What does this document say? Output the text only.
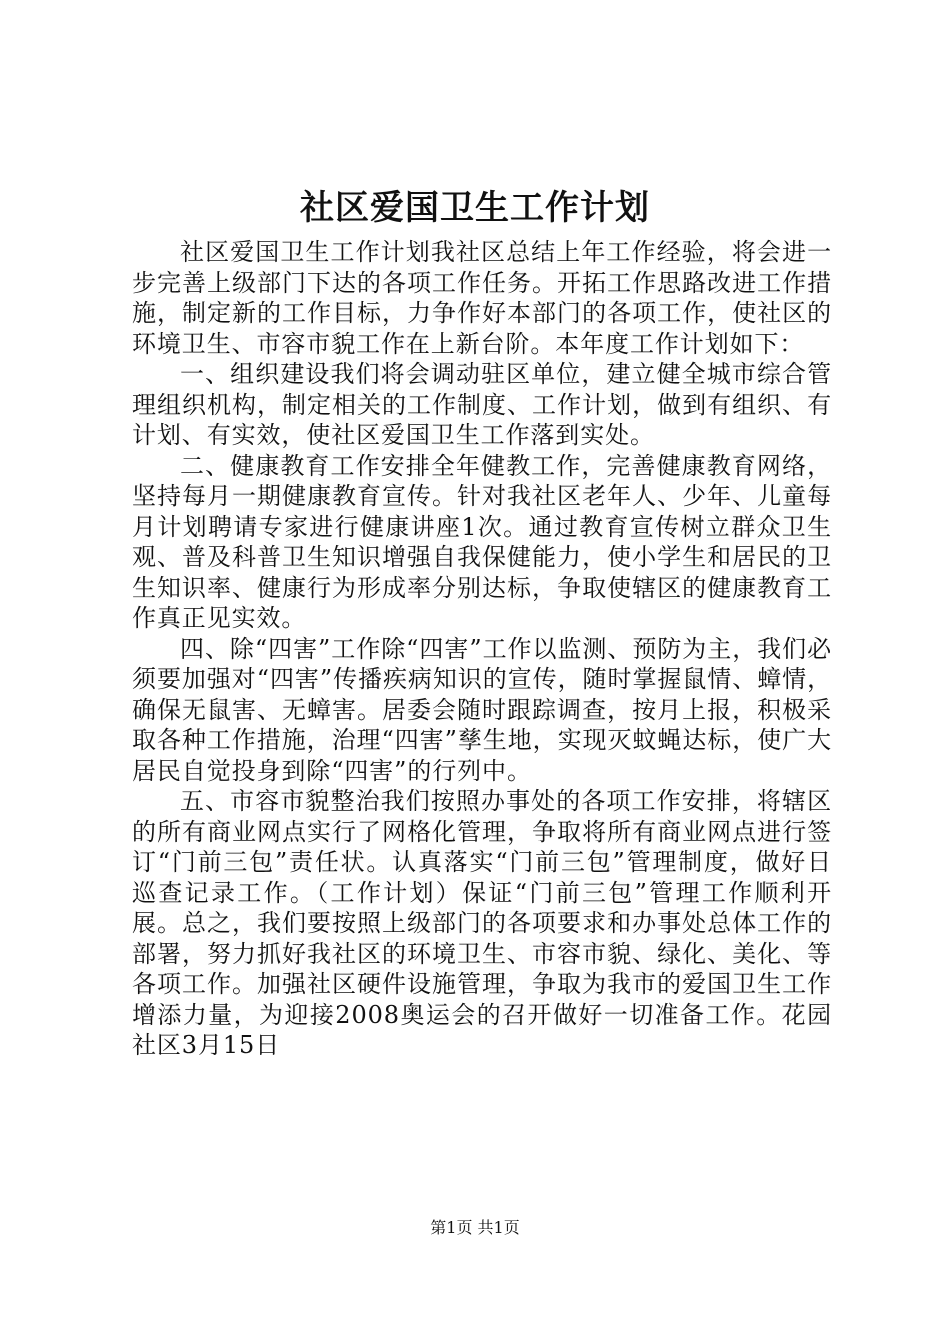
社区爱国卫生工作计划

社区爱国卫生工作计划我社区总结上年工作经验，将会进一步完善上级部门下达的各项工作任务。开拓工作思路改进工作措施，制定新的工作目标，力争作好本部门的各项工作，使社区的环境卫生、市容市貌工作在上新台阶。本年度工作计划如下：

一、组织建设我们将会调动驻区单位，建立健全城市综合管理组织机构，制定相关的工作制度、工作计划，做到有组织、有计划、有实效，使社区爱国卫生工作落到实处。

二、健康教育工作安排全年健教工作，完善健康教育网络，坚持每月一期健康教育宣传。针对我社区老年人、少年、儿童每月计划聘请专家进行健康讲座1次。通过教育宣传树立群众卫生观、普及科普卫生知识增强自我保健能力，使小学生和居民的卫生知识率、健康行为形成率分别达标，争取使辖区的健康教育工作真正见实效。

四、除“四害”工作除“四害”工作以监测、预防为主，我们必须要加强对“四害”传播疾病知识的宣传，随时掌握鼠情、蟑情，确保无鼠害、无蟑害。居委会随时跟踪调查，按月上报，积极采取各种工作措施，治理“四害”孳生地，实现灭蚊蝇达标，使广大居民自觉投身到除“四害”的行列中。

五、市容市貌整治我们按照办事处的各项工作安排，将辖区的所有商业网点实行了网格化管理，争取将所有商业网点进行签订“门前三包”责任状。认真落实“门前三包”管理制度，做好日巡查记录工作。（工作计划）保证“门前三包”管理工作顺利开展。总之，我们要按照上级部门的各项要求和办事处总体工作的部署，努力抓好我社区的环境卫生、市容市貌、绿化、美化、等各项工作。加强社区硬件设施管理，争取为我市的爱国卫生工作增添力量，为迎接2008奥运会的召开做好一切准备工作。花园社区3月15日

第1页 共1页
